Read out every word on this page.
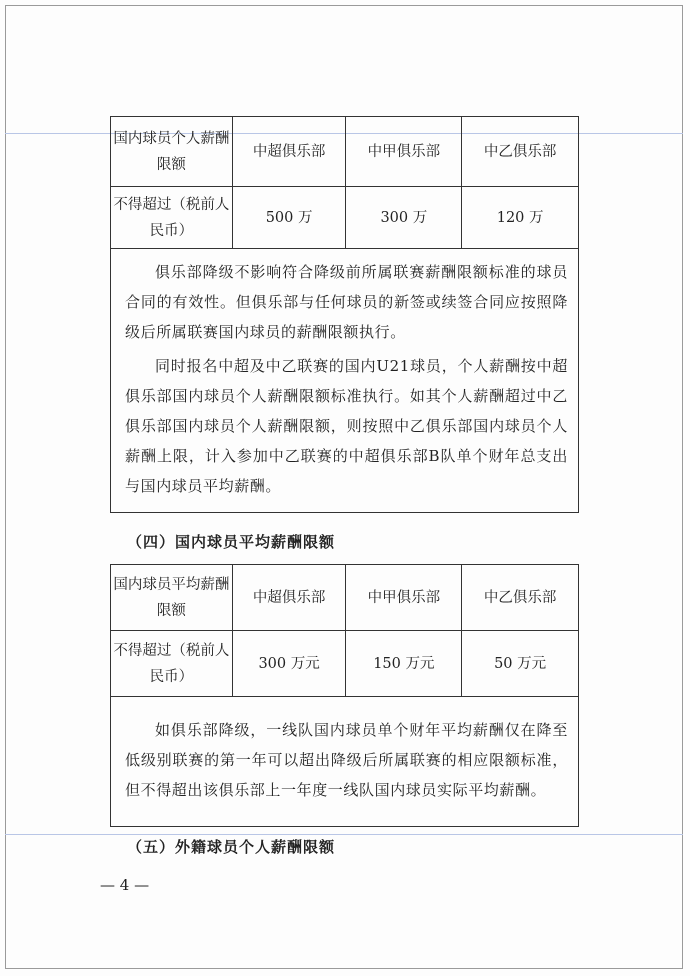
国内球员个人薪酬限额	中超俱乐部	中甲俱乐部	中乙俱乐部
不得超过（税前人民币）	500 万	300 万	120 万

俱乐部降级不影响符合降级前所属联赛薪酬限额标准的球员合同的有效性。但俱乐部与任何球员的新签或续签合同应按照降级后所属联赛国内球员的薪酬限额执行。

同时报名中超及中乙联赛的国内U21球员，个人薪酬按中超俱乐部国内球员个人薪酬限额标准执行。如其个人薪酬超过中乙俱乐部国内球员个人薪酬限额，则按照中乙俱乐部国内球员个人薪酬上限，计入参加中乙联赛的中超俱乐部B队单个财年总支出与国内球员平均薪酬。			

（四）国内球员平均薪酬限额
国内球员平均薪酬限额	中超俱乐部	中甲俱乐部	中乙俱乐部
不得超过（税前人民币）	300 万元	150 万元	50 万元

如俱乐部降级，一线队国内球员单个财年平均薪酬仅在降至低级别联赛的第一年可以超出降级后所属联赛的相应限额标准，但不得超出该俱乐部上一年度一线队国内球员实际平均薪酬。			

（五）外籍球员个人薪酬限额
— 4 —
